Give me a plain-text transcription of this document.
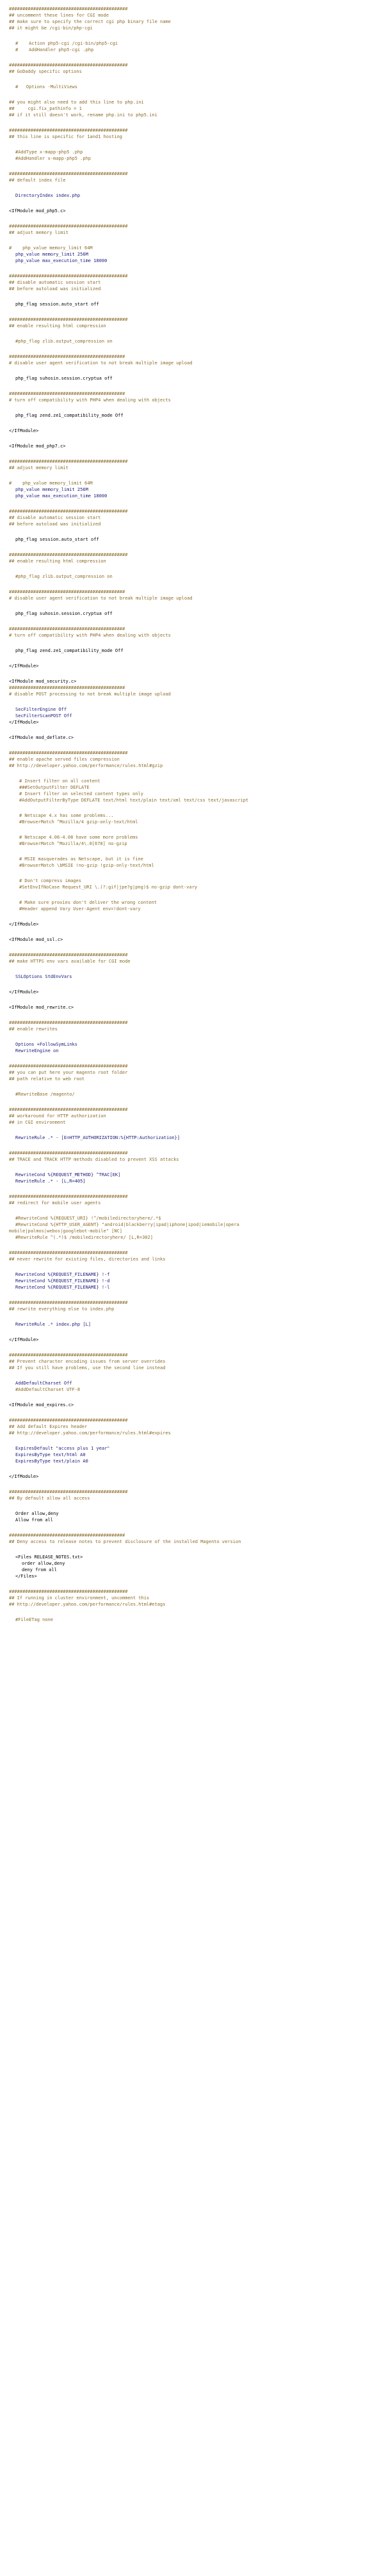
############################################
## uncomment these lines for CGI mode
## make sure to specify the correct cgi php binary file name
## it might be /cgi-bin/php-cgi
#    Action php5-cgi /cgi-bin/php5-cgi
#    AddHandler php5-cgi .php
############################################
## GoDaddy specific options
#   Options -MultiViews
## you might also need to add this line to php.ini
##     cgi.fix_pathinfo = 1
## if it still doesn't work, rename php.ini to php5.ini
############################################
## this line is specific for 1and1 hosting
#AddType x-mapp-php5 .php
#AddHandler x-mapp-php5 .php
############################################
## default index file
DirectoryIndex index.php
<IfModule mod_php5.c>
############################################
## adjust memory limit
#    php_value memory_limit 64M
php_value memory_limit 256M
php_value max_execution_time 18000
############################################
## disable automatic session start
## before autoload was initialized
php_flag session.auto_start off
############################################
## enable resulting html compression
#php_flag zlib.output_compression on
###########################################
# disable user agent verification to not break multiple image upload
php_flag suhosin.session.cryptua off
###########################################
# turn off compatibility with PHP4 when dealing with objects
php_flag zend.ze1_compatibility_mode Off
</IfModule>
<IfModule mod_php7.c>
############################################
## adjust memory limit
#    php_value memory_limit 64M
php_value memory_limit 256M
php_value max_execution_time 18000
############################################
## disable automatic session start
## before autoload was initialized
php_flag session.auto_start off
############################################
## enable resulting html compression
#php_flag zlib.output_compression on
###########################################
# disable user agent verification to not break multiple image upload
php_flag suhosin.session.cryptua off
###########################################
# turn off compatibility with PHP4 when dealing with objects
php_flag zend.ze1_compatibility_mode Off
</IfModule>
<IfModule mod_security.c>
###########################################
# disable POST processing to not break multiple image upload
SecFilterEngine Off
SecFilterScanPOST Off
</IfModule>
<IfModule mod_deflate.c>
############################################
## enable apache served files compression
## http://developer.yahoo.com/performance/rules.html#gzip
# Insert filter on all content
###SetOutputFilter DEFLATE
# Insert filter on selected content types only
#AddOutputFilterByType DEFLATE text/html text/plain text/xml text/css text/javascript
# Netscape 4.x has some problems...
#BrowserMatch ^Mozilla/4 gzip-only-text/html
# Netscape 4.06-4.08 have some more problems
#BrowserMatch ^Mozilla/4\.0[678] no-gzip
# MSIE masquerades as Netscape, but it is fine
#BrowserMatch \bMSIE !no-gzip !gzip-only-text/html
# Don't compress images
#SetEnvIfNoCase Request_URI \.(?:gif|jpe?g|png)$ no-gzip dont-vary
# Make sure proxies don't deliver the wrong content
#Header append Vary User-Agent env=!dont-vary
</IfModule>
<IfModule mod_ssl.c>
############################################
## make HTTPS env vars available for CGI mode
SSLOptions StdEnvVars
</IfModule>
<IfModule mod_rewrite.c>
############################################
## enable rewrites
Options +FollowSymLinks
RewriteEngine on
############################################
## you can put here your magento root folder
## path relative to web root
#RewriteBase /magento/
############################################
## workaround for HTTP authorization
## in CGI environment
RewriteRule .* - [E=HTTP_AUTHORIZATION:%{HTTP:Authorization}]
############################################
## TRACE and TRACK HTTP methods disabled to prevent XSS attacks
RewriteCond %{REQUEST_METHOD} ^TRAC[EK]
RewriteRule .* - [L,R=405]
############################################
## redirect for mobile user agents
#RewriteCond %{REQUEST_URI} !^/mobiledirectoryhere/.*$
#RewriteCond %{HTTP_USER_AGENT} "android|blackberry|ipad|iphone|ipod|iemobile|opera
mobile|palmos|webos|googlebot-mobile" [NC]
#RewriteRule ^(.*)$ /mobiledirectoryhere/ [L,R=302]
############################################
## never rewrite for existing files, directories and links
RewriteCond %{REQUEST_FILENAME} !-f
RewriteCond %{REQUEST_FILENAME} !-d
RewriteCond %{REQUEST_FILENAME} !-l
############################################
## rewrite everything else to index.php
RewriteRule .* index.php [L]
</IfModule>
############################################
## Prevent character encoding issues from server overrides
## If you still have problems, use the second line instead
AddDefaultCharset Off
#AddDefaultCharset UTF-8
<IfModule mod_expires.c>
############################################
## Add default Expires header
## http://developer.yahoo.com/performance/rules.html#expires
ExpiresDefault "access plus 1 year"
ExpiresByType text/html A0
ExpiresByType text/plain A0
</IfModule>
############################################
## By default allow all access
Order allow,deny
Allow from all
###########################################
## Deny access to release notes to prevent disclosure of the installed Magento version
<Files RELEASE_NOTES.txt>
order allow,deny
deny from all
</Files>
############################################
## If running in cluster environment, uncomment this
## http://developer.yahoo.com/performance/rules.html#etags
#FileETag none
